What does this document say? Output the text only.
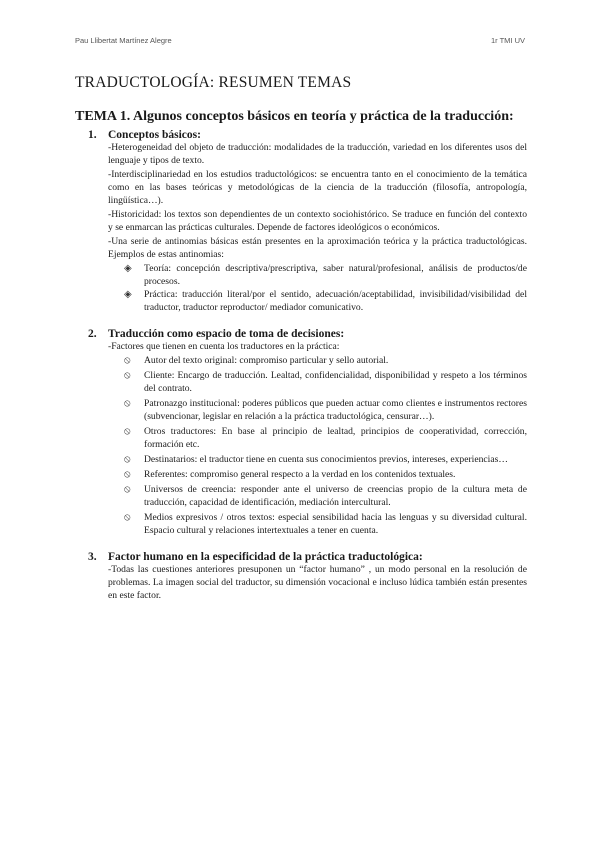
Pau Llibertat Martínez Alegre	1r TMI UV
TRADUCTOLOGÍA: RESUMEN TEMAS
TEMA 1. Algunos conceptos básicos en teoría y práctica de la traducción:
1. Conceptos básicos:

-Heterogeneidad del objeto de traducción: modalidades de la traducción, variedad en los diferentes usos del lenguaje y tipos de texto.

-Interdisciplinariedad en los estudios traductológicos: se encuentra tanto en el conocimiento de la temática como en las bases teóricas y metodológicas de la ciencia de la traducción (filosofía, antropología, lingüística…).

-Historicidad: los textos son dependientes de un contexto sociohistórico. Se traduce en función del contexto y se enmarcan las prácticas culturales. Depende de factores ideológicos o económicos.

-Una serie de antinomias básicas están presentes en la aproximación teórica y la práctica traductológicas. Ejemplos de estas antinomias:

◈ Teoría: concepción descriptiva/prescriptiva, saber natural/profesional, análisis de productos/de procesos.
◈ Práctica: traducción literal/por el sentido, adecuación/aceptabilidad, invisibilidad/visibilidad del traductor, traductor reproductor/ mediador comunicativo.
2. Traducción como espacio de toma de decisiones:

-Factores que tienen en cuenta los traductores en la práctica:

⦸ Autor del texto original: compromiso particular y sello autorial.
⦸ Cliente: Encargo de traducción. Lealtad, confidencialidad, disponibilidad y respeto a los términos del contrato.
⦸ Patronazgo institucional: poderes públicos que pueden actuar como clientes e instrumentos rectores (subvencionar, legislar en relación a la práctica traductológica, censurar…).
⦸ Otros traductores: En base al principio de lealtad, principios de cooperatividad, corrección, formación etc.
⦸ Destinatarios: el traductor tiene en cuenta sus conocimientos previos, intereses, experiencias…
⦸ Referentes: compromiso general respecto a la verdad en los contenidos textuales.
⦸ Universos de creencia: responder ante el universo de creencias propio de la cultura meta de traducción, capacidad de identificación, mediación intercultural.
⦸ Medios expresivos / otros textos: especial sensibilidad hacia las lenguas y su diversidad cultural. Espacio cultural y relaciones intertextuales a tener en cuenta.
3. Factor humano en la especificidad de la práctica traductológica:

-Todas las cuestiones anteriores presuponen un “factor humano” , un modo personal en la resolución de problemas. La imagen social del traductor, su dimensión vocacional e incluso lúdica también están presentes en este factor.
